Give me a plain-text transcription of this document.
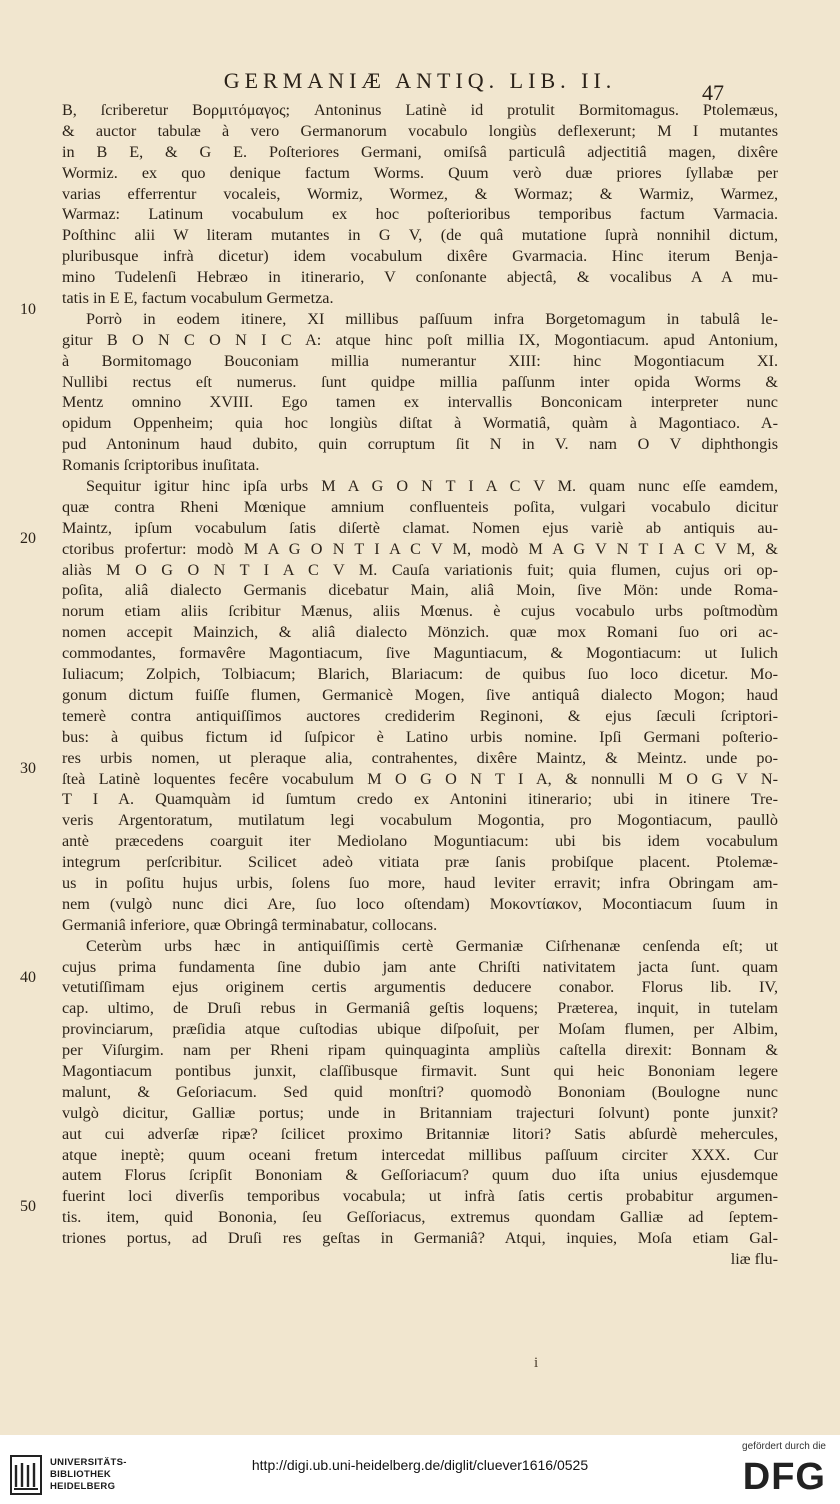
GERMANIÆ ANTIQ. LIB. II.	47
B, ſcriberetur Βορμιτόμαγος; Antoninus Latinè id protulit Bormitomagus. Ptolemæus,
& auctor tabulæ à vero Germanorum vocabulo longiùs deflexerunt; M I mutantes
in B E, & G E. Poſteriores Germani, omiſsâ particulâ adjectitiâ magen, dixêre
Wormiz. ex quo denique factum Worms. Quum verò duæ priores ſyllabæ per
varias efferrentur vocaleis, Wormiz, Wormez, & Wormaz; & Warmiz, Warmez,
Warmaz: Latinum vocabulum ex hoc poſterioribus temporibus factum Varmacia.
Poſthinc alii W literam mutantes in G V, (de quâ mutatione ſuprà nonnihil dictum,
pluribusque infrà dicetur) idem vocabulum dixêre Gvarmacia. Hinc iterum Benja-
mino Tudelenſi Hebræo in itinerario, V conſonante abjectâ, & vocalibus A A mu-
tatis in E E, factum vocabulum Germetza.
Porrò in eodem itinere, XI millibus paſſuum infra Borgetomagum in tabulâ le-
gitur B O N C O N I C A: atque hinc poſt millia IX, Mogontiacum. apud Antonium,
à Bormitomago Bouconiam millia numerantur XIII: hinc Mogontiacum XI.
Nullibi rectus eſt numerus. ſunt quidpe millia paſſunm inter opida Worms &
Mentz omnino XVIII. Ego tamen ex intervallis Bonconicam interpreter nunc
opidum Oppenheim; quia hoc longiùs diſtat à Wormatiâ, quàm à Magontiaco. A-
pud Antoninum haud dubito, quin corruptum ſit N in V. nam O V diphthongis
Romanis ſcriptoribus inuſitata.
Sequitur igitur hinc ipſa urbs M A G O N T I A C V M. quam nunc eſſe eamdem,
quæ contra Rheni Mœnique amnium confluenteis poſita, vulgari vocabulo dicitur
Maintz, ipſum vocabulum ſatis diſertè clamat. Nomen ejus variè ab antiquis au-
ctoribus profertur: modò M A G O N T I A C V M, modò M A G V N T I A C V M, &
aliàs M O G O N T I A C V M. Cauſa variationis fuit; quia flumen, cujus ori op-
poſita, aliâ dialecto Germanis dicebatur Main, aliâ Moin, ſive Mön: unde Roma-
norum etiam aliis ſcribitur Mænus, aliis Mœnus. è cujus vocabulo urbs poſtmodùm
nomen accepit Mainzich, & aliâ dialecto Mönzich. quæ mox Romani ſuo ori ac-
commodantes, formavêre Magontiacum, ſive Maguntiacum, & Mogontiacum: ut Iulich
Iuliacum; Zolpich, Tolbiacum; Blarich, Blariacum: de quibus ſuo loco dicetur. Mo-
gonum dictum fuiſſe flumen, Germanicè Mogen, ſive antiquâ dialecto Mogon; haud
temerè contra antiquiſſimos auctores crediderim Reginoni, & ejus ſæculi ſcriptori-
bus: à quibus fictum id ſuſpicor è Latino urbis nomine. Ipſi Germani poſterio-
res urbis nomen, ut pleraque alia, contrahentes, dixêre Maintz, & Meintz. unde po-
ſteà Latinè loquentes fecêre vocabulum M O G O N T I A, & nonnulli M O G V N-
T I A. Quamquàm id ſumtum credo ex Antonini itinerario; ubi in itinere Tre-
veris Argentoratum, mutilatum legi vocabulum Mogontia, pro Mogontiacum, paullò
antè præcedens coarguit iter Mediolano Moguntiacum: ubi bis idem vocabulum
integrum perſcribitur. Scilicet adeò vitiata præ ſanis probiſque placent. Ptolemæ-
us in poſitu hujus urbis, ſolens ſuo more, haud leviter erravit; infra Obringam am-
nem (vulgò nunc dici Are, ſuo loco oſtendam) Μοκοντίακον, Mocontiacum ſuum in
Germaniâ inferiore, quæ Obringâ terminabatur, collocans.
Ceterùm urbs hæc in antiquiſſimis certè Germaniæ Ciſrhenanæ cenſenda eſt; ut
cujus prima fundamenta ſine dubio jam ante Chriſti nativitatem jacta ſunt. quam
vetutiſſimam ejus originem certis argumentis deducere conabor. Florus lib. IV,
cap. ultimo, de Druſi rebus in Germaniâ geſtis loquens; Præterea, inquit, in tutelam
provinciarum, præſidia atque cuſtodias ubique diſpoſuit, per Moſam flumen, per Albim,
per Viſurgim. nam per Rheni ripam quinquaginta ampliùs caſtella direxit: Bonnam &
Magontiacum pontibus junxit, claſſibusque firmavit. Sunt qui heic Bononiam legere
malunt, & Geſoriacum. Sed quid monſtri? quomodò Bononiam (Boulogne nunc
vulgò dicitur, Galliæ portus; unde in Britanniam trajecturi ſolvunt) ponte junxit?
aut cui adverſæ ripæ? ſcilicet proximo Britanniæ litori? Satis abſurdè mehercules,
atque ineptè; quum oceani fretum intercedat millibus paſſuum circiter XXX. Cur
autem Florus ſcripſit Bononiam & Geſſoriacum? quum duo iſta unius ejusdemque
fuerint loci diverſis temporibus vocabula; ut infrà ſatis certis probabitur argumen-
tis. item, quid Bononia, ſeu Geſſoriacus, extremus quondam Galliæ ad ſeptem-
triones portus, ad Druſi res geſtas in Germaniâ? Atqui, inquies, Moſa etiam Gal-
liæ flu-
10
20
30
40
50
i
UNIVERSITÄTS-
BIBLIOTHEK
HEIDELBERG
http://digi.ub.uni-heidelberg.de/diglit/cluever1616/0525
gefördert durch die
DFG
